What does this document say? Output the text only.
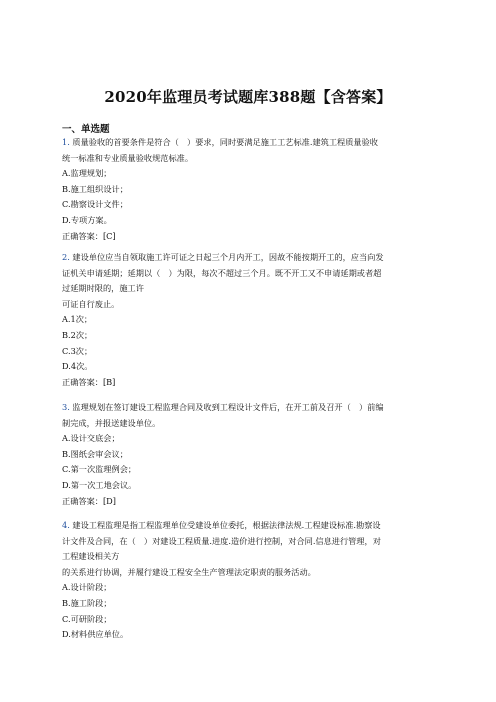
2020年监理员考试题库388题【含答案】
一、单选题
1. 质量验收的首要条件是符合（　）要求，同时要满足施工工艺标准.建筑工程质量验收
统一标准和专业质量验收规范标准。
A.监理规划；
B.施工组织设计；
C.勘察设计文件；
D.专项方案。
正确答案：[C]
2. 建设单位应当自领取施工许可证之日起三个月内开工，因故不能按期开工的，应当向发
证机关申请延期；延期以（　）为限，每次不超过三个月。既不开工又不申请延期或者超
过延期时限的，施工许
可证自行废止。
A.1次；
B.2次；
C.3次；
D.4次。
正确答案：[B]
3. 监理规划在签订建设工程监理合同及收到工程设计文件后，在开工前及召开（　）前编
制完成，并报送建设单位。
A.设计交底会；
B.图纸会审会议；
C.第一次监理例会；
D.第一次工地会议。
正确答案：[D]
4. 建设工程监理是指工程监理单位受建设单位委托，根据法律法规.工程建设标准.勘察设
计文件及合同，在（　）对建设工程质量.进度.造价进行控制，对合同.信息进行管理，对
工程建设相关方
的关系进行协调，并履行建设工程安全生产管理法定职责的服务活动。
A.设计阶段；
B.施工阶段；
C.可研阶段；
D.材料供应单位。
